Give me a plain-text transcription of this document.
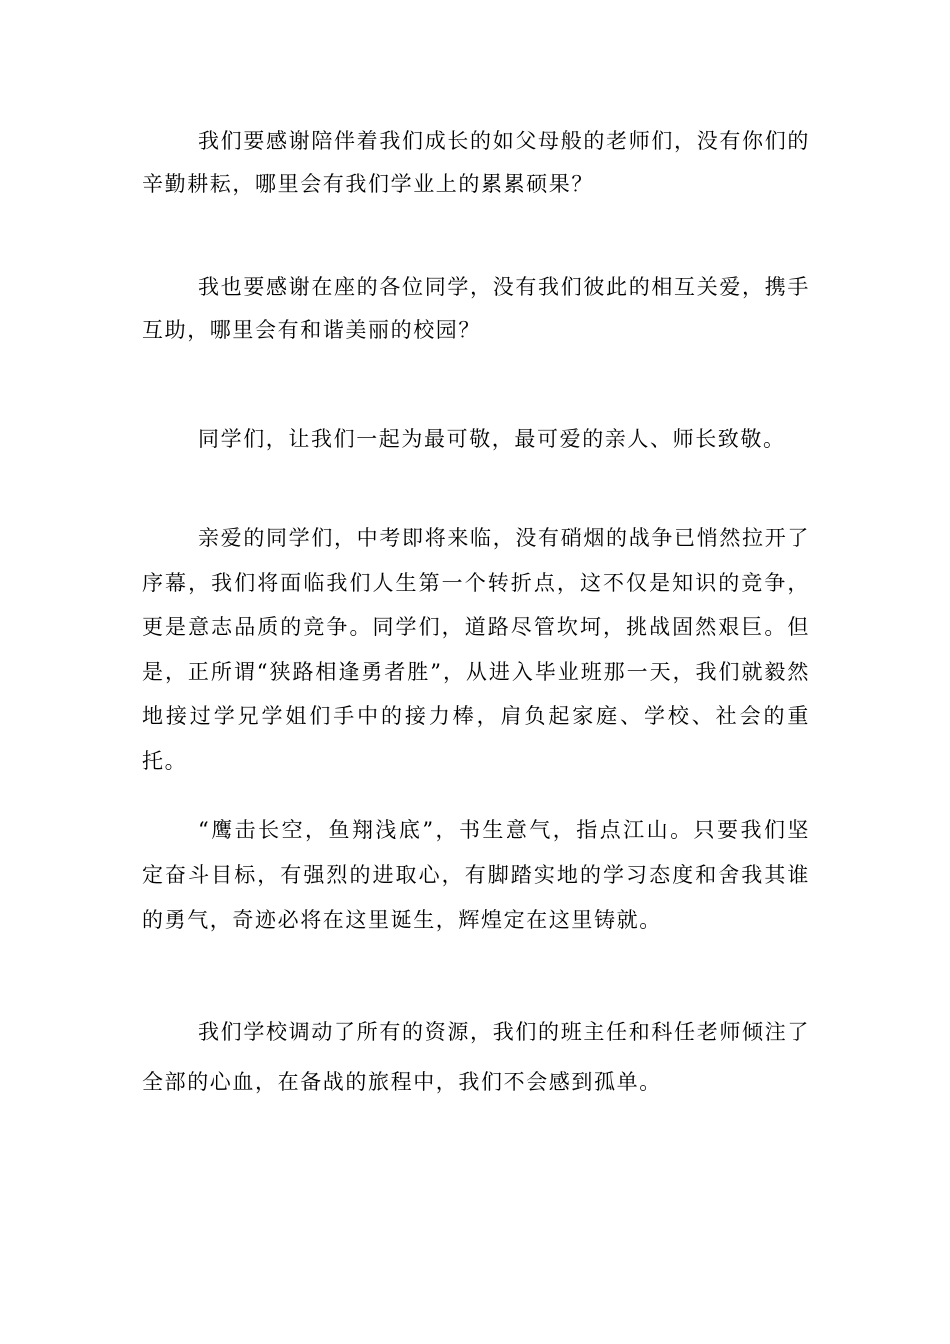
我们要感谢陪伴着我们成长的如父母般的老师们，没有你们的辛勤耕耘，哪里会有我们学业上的累累硕果？

我也要感谢在座的各位同学，没有我们彼此的相互关爱，携手互助，哪里会有和谐美丽的校园？

同学们，让我们一起为最可敬，最可爱的亲人、师长致敬。

亲爱的同学们，中考即将来临，没有硝烟的战争已悄然拉开了序幕，我们将面临我们人生第一个转折点，这不仅是知识的竞争，更是意志品质的竞争。同学们，道路尽管坎坷，挑战固然艰巨。但是，正所谓“狭路相逢勇者胜”，从进入毕业班那一天，我们就毅然地接过学兄学姐们手中的接力棒，肩负起家庭、学校、社会的重托。

“鹰击长空，鱼翔浅底”，书生意气，指点江山。只要我们坚定奋斗目标，有强烈的进取心，有脚踏实地的学习态度和舍我其谁的勇气，奇迹必将在这里诞生，辉煌定在这里铸就。

我们学校调动了所有的资源，我们的班主任和科任老师倾注了全部的心血，在备战的旅程中，我们不会感到孤单。
